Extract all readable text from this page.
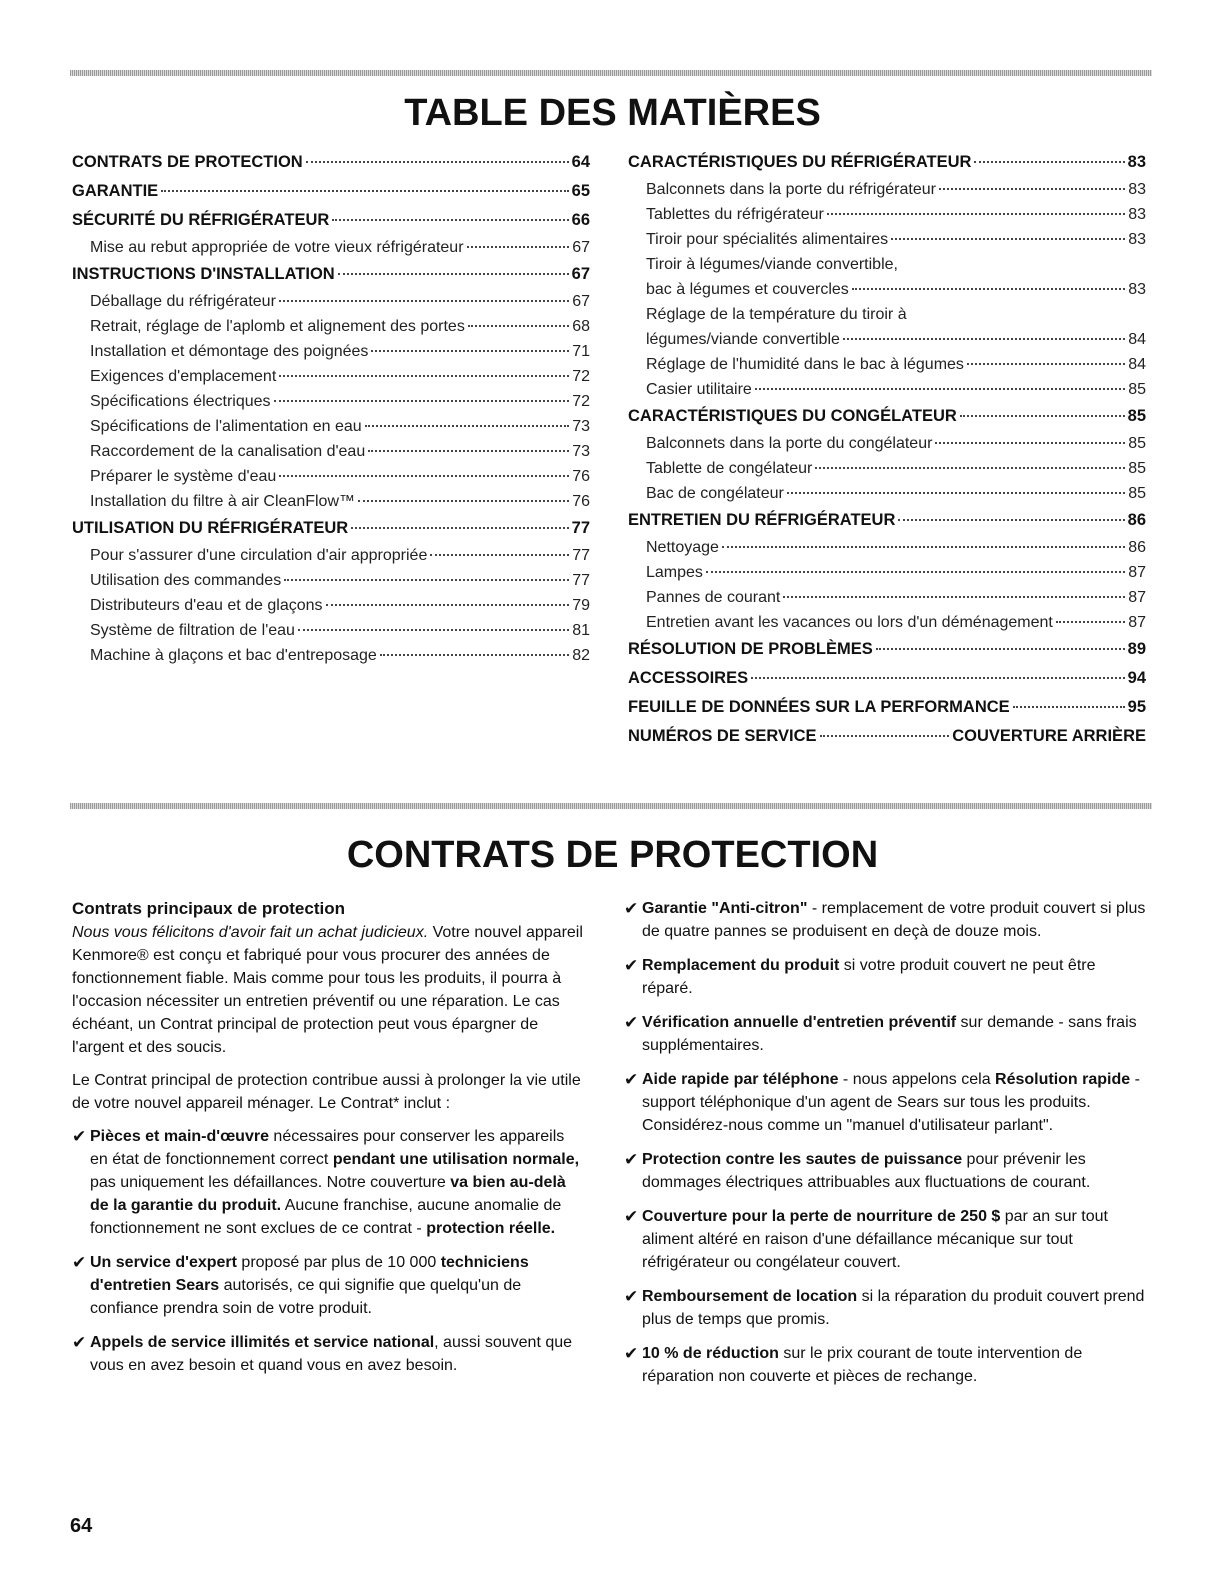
TABLE DES MATIÈRES
CONTRATS DE PROTECTION	64
GARANTIE	65
SÉCURITÉ DU RÉFRIGÉRATEUR	66
Mise au rebut appropriée de votre vieux réfrigérateur	67
INSTRUCTIONS D'INSTALLATION	67
Déballage du réfrigérateur	67
Retrait, réglage de l'aplomb et alignement des portes	68
Installation et démontage des poignées	71
Exigences d'emplacement	72
Spécifications électriques	72
Spécifications de l'alimentation en eau	73
Raccordement de la canalisation d'eau	73
Préparer le système d'eau	76
Installation du filtre à air CleanFlow™	76
UTILISATION DU RÉFRIGÉRATEUR	77
Pour s'assurer d'une circulation d'air appropriée	77
Utilisation des commandes	77
Distributeurs d'eau et de glaçons	79
Système de filtration de l'eau	81
Machine à glaçons et bac d'entreposage	82
CARACTÉRISTIQUES DU RÉFRIGÉRATEUR	83
Balconnets dans la porte du réfrigérateur	83
Tablettes du réfrigérateur	83
Tiroir pour spécialités alimentaires	83
Tiroir à légumes/viande convertible,
bac à légumes et couvercles	83
Réglage de la température du tiroir à
légumes/viande convertible	84
Réglage de l'humidité dans le bac à légumes	84
Casier utilitaire	85
CARACTÉRISTIQUES DU CONGÉLATEUR	85
Balconnets dans la porte du congélateur	85
Tablette de congélateur	85
Bac de congélateur	85
ENTRETIEN DU RÉFRIGÉRATEUR	86
Nettoyage	86
Lampes	87
Pannes de courant	87
Entretien avant les vacances ou lors d'un déménagement	87
RÉSOLUTION DE PROBLÈMES	89
ACCESSOIRES	94
FEUILLE DE DONNÉES SUR LA PERFORMANCE	95
NUMÉROS DE SERVICE	COUVERTURE ARRIÈRE
CONTRATS DE PROTECTION
Contrats principaux de protection

Nous vous félicitons d'avoir fait un achat judicieux. Votre nouvel appareil Kenmore® est conçu et fabriqué pour vous procurer des années de fonctionnement fiable. Mais comme pour tous les produits, il pourra à l'occasion nécessiter un entretien préventif ou une réparation. Le cas échéant, un Contrat principal de protection peut vous épargner de l'argent et des soucis.

Le Contrat principal de protection contribue aussi à prolonger la vie utile de votre nouvel appareil ménager. Le Contrat* inclut :

✔ Pièces et main-d'œuvre nécessaires pour conserver les appareils en état de fonctionnement correct pendant une utilisation normale, pas uniquement les défaillances. Notre couverture va bien au-delà de la garantie du produit. Aucune franchise, aucune anomalie de fonctionnement ne sont exclues de ce contrat - protection réelle.
✔ Un service d'expert proposé par plus de 10 000 techniciens d'entretien Sears autorisés, ce qui signifie que quelqu'un de confiance prendra soin de votre produit.
✔ Appels de service illimités et service national, aussi souvent que vous en avez besoin et quand vous en avez besoin.
✔ Garantie "Anti-citron" - remplacement de votre produit couvert si plus de quatre pannes se produisent en deçà de douze mois.
✔ Remplacement du produit si votre produit couvert ne peut être réparé.
✔ Vérification annuelle d'entretien préventif sur demande - sans frais supplémentaires.
✔ Aide rapide par téléphone - nous appelons cela Résolution rapide - support téléphonique d'un agent de Sears sur tous les produits. Considérez-nous comme un "manuel d'utilisateur parlant".
✔ Protection contre les sautes de puissance pour prévenir les dommages électriques attribuables aux fluctuations de courant.
✔ Couverture pour la perte de nourriture de 250 $ par an sur tout aliment altéré en raison d'une défaillance mécanique sur tout réfrigérateur ou congélateur couvert.
✔ Remboursement de location si la réparation du produit couvert prend plus de temps que promis.
✔ 10 % de réduction sur le prix courant de toute intervention de réparation non couverte et pièces de rechange.
64
